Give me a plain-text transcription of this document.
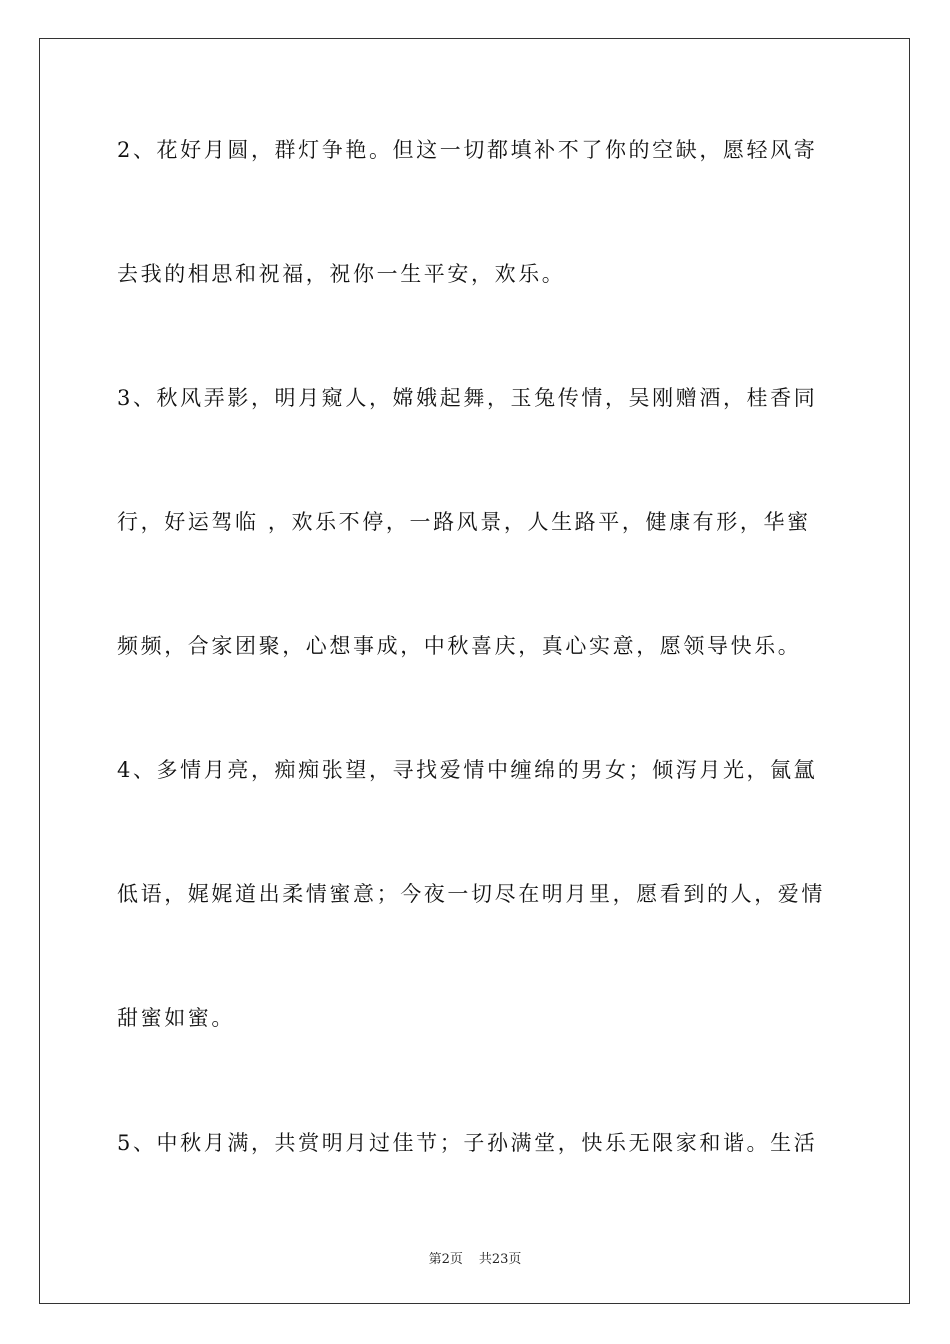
2、花好月圆，群灯争艳。但这一切都填补不了你的空缺，愿轻风寄
去我的相思和祝福，祝你一生平安，欢乐。
3、秋风弄影，明月窥人，嫦娥起舞，玉兔传情，吴刚赠酒，桂香同
行，好运驾临 ，欢乐不停，一路风景，人生路平，健康有形，华蜜
频频，合家团聚，心想事成，中秋喜庆，真心实意，愿领导快乐。
4、多情月亮，痴痴张望，寻找爱情中缠绵的男女；倾泻月光，氤氲
低语，娓娓道出柔情蜜意；今夜一切尽在明月里，愿看到的人，爱情
甜蜜如蜜。
5、中秋月满，共赏明月过佳节；子孙满堂，快乐无限家和谐。生活
第2页 共23页
